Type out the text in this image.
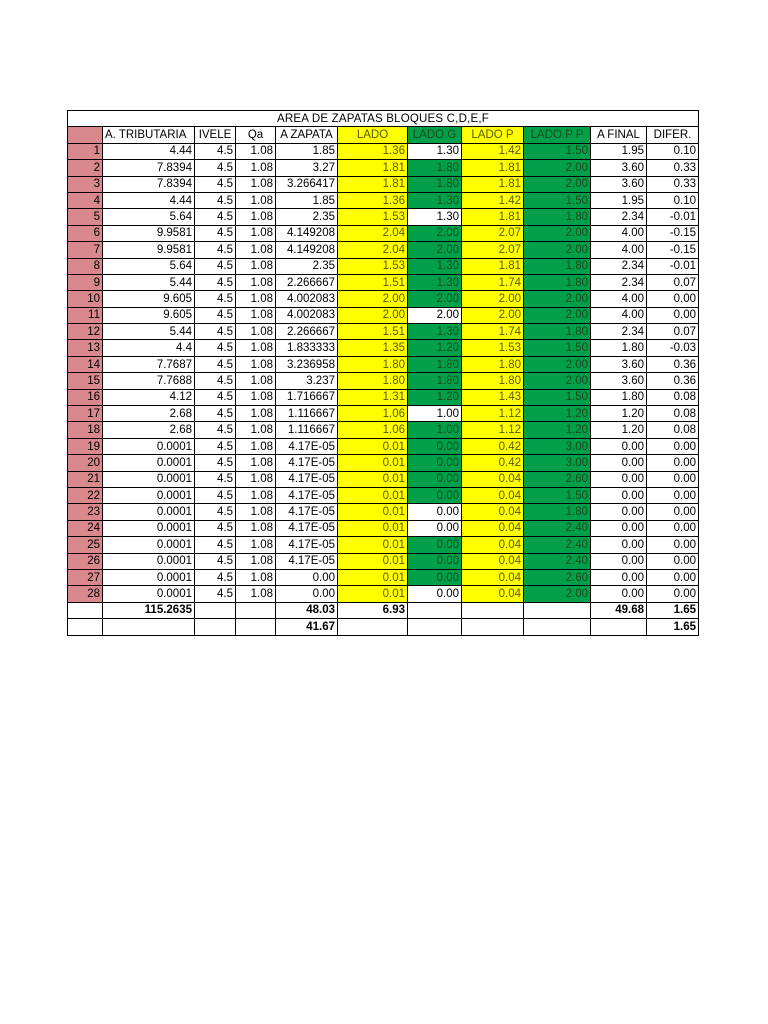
AREA DE ZAPATAS BLOQUES C,D,E,F										
	A. TRIBUTARIA	IVELE	Qa	A ZAPATA	LADO	LADO G	LADO P	LADO P P	A FINAL	DIFER.
1	4.44	4.5	1.08	1.85	1.36	1.30	1.42	1.50	1.95	0.10
2	7.8394	4.5	1.08	3.27	1.81	1.80	1.81	2.00	3.60	0.33
3	7.8394	4.5	1.08	3.266417	1.81	1.80	1.81	2.00	3.60	0.33
4	4.44	4.5	1.08	1.85	1.36	1.30	1.42	1.50	1.95	0.10
5	5.64	4.5	1.08	2.35	1.53	1.30	1.81	1.80	2.34	-0.01
6	9.9581	4.5	1.08	4.149208	2.04	2.00	2.07	2.00	4.00	-0.15
7	9.9581	4.5	1.08	4.149208	2.04	2.00	2.07	2.00	4.00	-0.15
8	5.64	4.5	1.08	2.35	1.53	1.30	1.81	1.80	2.34	-0.01
9	5.44	4.5	1.08	2.266667	1.51	1.30	1.74	1.80	2.34	0.07
10	9.605	4.5	1.08	4.002083	2.00	2.00	2.00	2.00	4.00	0.00
11	9.605	4.5	1.08	4.002083	2.00	2.00	2.00	2.00	4.00	0.00
12	5.44	4.5	1.08	2.266667	1.51	1.30	1.74	1.80	2.34	0.07
13	4.4	4.5	1.08	1.833333	1.35	1.20	1.53	1.50	1.80	-0.03
14	7.7687	4.5	1.08	3.236958	1.80	1.80	1.80	2.00	3.60	0.36
15	7.7688	4.5	1.08	3.237	1.80	1.80	1.80	2.00	3.60	0.36
16	4.12	4.5	1.08	1.716667	1.31	1.20	1.43	1.50	1.80	0.08
17	2.68	4.5	1.08	1.116667	1.06	1.00	1.12	1.20	1.20	0.08
18	2.68	4.5	1.08	1.116667	1.06	1.00	1.12	1.20	1.20	0.08
19	0.0001	4.5	1.08	4.17E-05	0.01	0.00	0.42	3.00	0.00	0.00
20	0.0001	4.5	1.08	4.17E-05	0.01	0.00	0.42	3.00	0.00	0.00
21	0.0001	4.5	1.08	4.17E-05	0.01	0.00	0.04	2.60	0.00	0.00
22	0.0001	4.5	1.08	4.17E-05	0.01	0.00	0.04	1.50	0.00	0.00
23	0.0001	4.5	1.08	4.17E-05	0.01	0.00	0.04	1.80	0.00	0.00
24	0.0001	4.5	1.08	4.17E-05	0.01	0.00	0.04	2.40	0.00	0.00
25	0.0001	4.5	1.08	4.17E-05	0.01	0.00	0.04	2.40	0.00	0.00
26	0.0001	4.5	1.08	4.17E-05	0.01	0.00	0.04	2.40	0.00	0.00
27	0.0001	4.5	1.08	0.00	0.01	0.00	0.04	2.60	0.00	0.00
28	0.0001	4.5	1.08	0.00	0.01	0.00	0.04	2.00	0.00	0.00
	115.2635			48.03	6.93				49.68	1.65
				41.67						1.65
